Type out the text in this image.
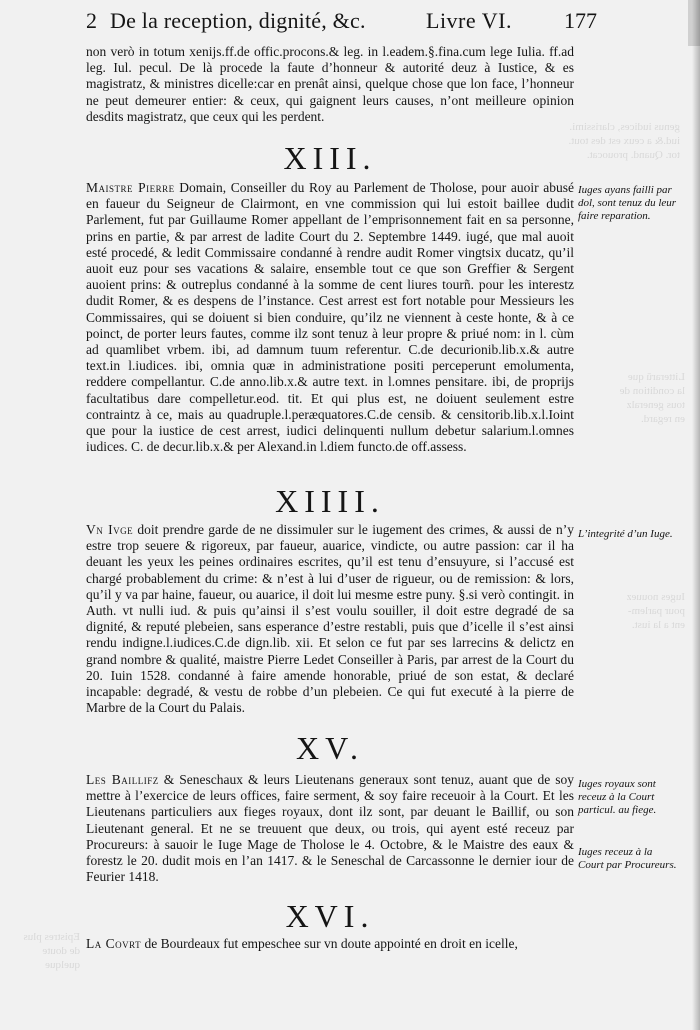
genus iudices, clarissimi.
iud.& a ceux est des tout.
tor. Quand. prouocat.
Litterarū que
la condition de
tous generalz
en regard.
Iuges nouuez
pour parlem-
ent a la iust.
Epistres plus
de doute
quelque
2 De la reception, dignité, &c.	Livre VI. 177

non verò in totum xenijs.ff.de offic.procons.& leg. in l.eadem.§.fina.cum lege Iulia. ff.ad leg. Iul. pecul. De là procede la faute d’honneur & autorité deuz à Iustice, & es magistratz, & ministres dicelle:car en prenât ainsi, quelque chose que lon face, l’honneur ne peut demeurer entier: & ceux, qui gaignent leurs causes, n’ont meilleure opinion desdits magistratz, que ceux qui les perdent.

XIII.

Maistre Pierre Domain, Conseiller du Roy au Parlement de Tholose, pour auoir abusé en faueur du Seigneur de Clairmont, en vne commission qui lui estoit baillee dudit Parlement, fut par Guillaume Romer appellant de l’emprisonnement fait en sa personne, prins en partie, & par arrest de ladite Court du 2. Septembre 1449. iugé, que mal auoit esté procedé, & ledit Commissaire condanné à rendre audit Romer vingtsix ducatz, qu’il auoit euz pour ses vacations & salaire, ensemble tout ce que son Greffier & Sergent auoient prins: & outreplus condanné à la somme de cent liures tourñ. pour les interestz dudit Romer, & es despens de l’instance. Cest arrest est fort notable pour Messieurs les Commissaires, qui se doiuent si bien conduire, qu’ilz ne viennent à ceste honte, & à ce poinct, de porter leurs fautes, comme ilz sont tenuz à leur propre & priué nom: in l. cùm ad quamlibet vrbem. ibi, ad damnum tuum referentur. C.de decurionib.lib.x.& autre text.in l.iudices. ibi, omnia quæ in administratione positi perceperunt emolumenta, reddere compellantur. C.de anno.lib.x.& autre text. in l.omnes pensitare. ibi, de proprijs facultatibus dare compelletur.eod. tit. Et qui plus est, ne doiuent seulement estre contraintz à ce, mais au quadruple.l.peræquatores.C.de censib. & censitorib.lib.x.l.Ioint que pour la iustice de cest arrest, iudici delinquenti nullum debetur salarium.l.omnes iudices. C. de decur.lib.x.& per Alexand.in l.diem functo.de off.assess.

Iuges ayans failli par dol, sont tenuz du leur faire reparation.
XIIII.

Vn Ivge doit prendre garde de ne dissimuler sur le iugement des crimes, & aussi de n’y estre trop seuere & rigoreux, par faueur, auarice, vindicte, ou autre passion: car il ha deuant les yeux les peines ordinaires escrites, qu’il est tenu d’ensuyure, si l’accusé est chargé probablement du crime: & n’est à lui d’user de rigueur, ou de remission: & lors, qu’il y va par haine, faueur, ou auarice, il doit lui mesme estre puny. §.si verò contingit. in Auth. vt nulli iud. & puis qu’ainsi il s’est voulu souiller, il doit estre degradé de sa dignité, & reputé plebeien, sans esperance d’estre restabli, puis que d’icelle il s’est ainsi rendu indigne.l.iudices.C.de dign.lib. xii. Et selon ce fut par ses larrecins & delictz en grand nombre & qualité, maistre Pierre Ledet Conseiller à Paris, par arrest de la Court du 20. Iuin 1528. condanné à faire amende honorable, priué de son estat, & declaré incapable: degradé, & vestu de robbe d’un plebeien. Ce qui fut executé à la pierre de Marbre de la Court du Palais.

L’integrité d’un Iuge.
XV.

Les Baillifz & Seneschaux & leurs Lieutenans generaux sont tenuz, auant que de soy mettre à l’exercice de leurs offices, faire serment, & soy faire receuoir à la Court. Et les Lieutenans particuliers aux fieges royaux, dont ilz sont, par deuant le Baillif, ou son Lieutenant general. Et ne se treuuent que deux, ou trois, qui ayent esté receuz par Procureurs: à sauoir le Iuge Mage de Tholose le 4. Octobre, & le Maistre des eaux & forestz le 20. dudit mois en l’an 1417. & le Seneschal de Carcassonne le dernier iour de Feurier 1418.

Iuges royaux sont receuz à la Court particul. au fiege.
Iuges receuz à la Court par Procureurs.
XVI.

La Covrt de Bourdeaux fut empeschee sur vn doute appointé en droit en icelle,
